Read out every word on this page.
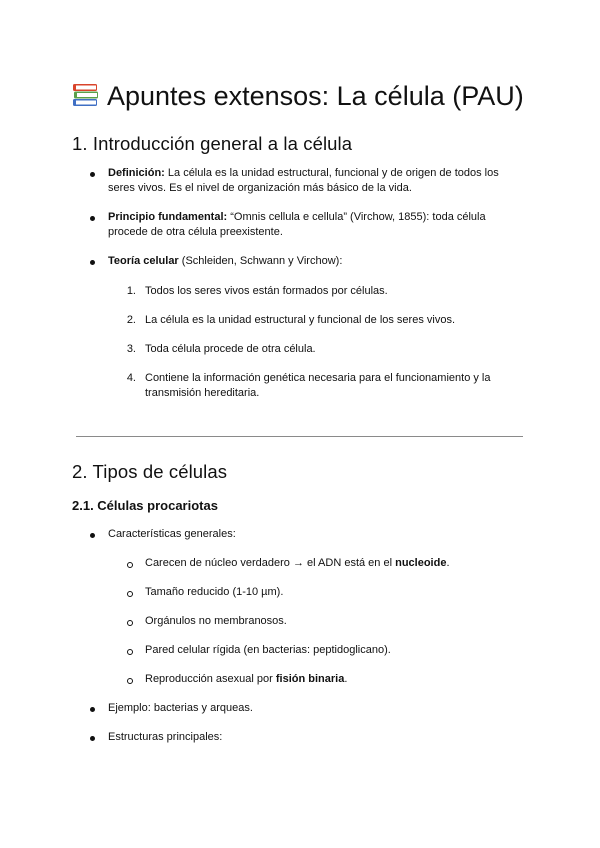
Apuntes extensos: La célula (PAU)
1. Introducción general a la célula

Definición: La célula es la unidad estructural, funcional y de origen de todos los

seres vivos. Es el nivel de organización más básico de la vida.

Principio fundamental: “Omnis cellula e cellula” (Virchow, 1855): toda célula

procede de otra célula preexistente.

Teoría celular (Schleiden, Schwann y Virchow):

1. Todos los seres vivos están formados por células.

2. La célula es la unidad estructural y funcional de los seres vivos.

3. Toda célula procede de otra célula.

4. Contiene la información genética necesaria para el funcionamiento y la

transmisión hereditaria.

2. Tipos de células
2.1. Células procariotas

Características generales:

Carecen de núcleo verdadero → el ADN está en el nucleoide.

Tamaño reducido (1-10 µm).

Orgánulos no membranosos.

Pared celular rígida (en bacterias: peptidoglicano).

Reproducción asexual por fisión binaria.

Ejemplo: bacterias y arqueas.

Estructuras principales:
